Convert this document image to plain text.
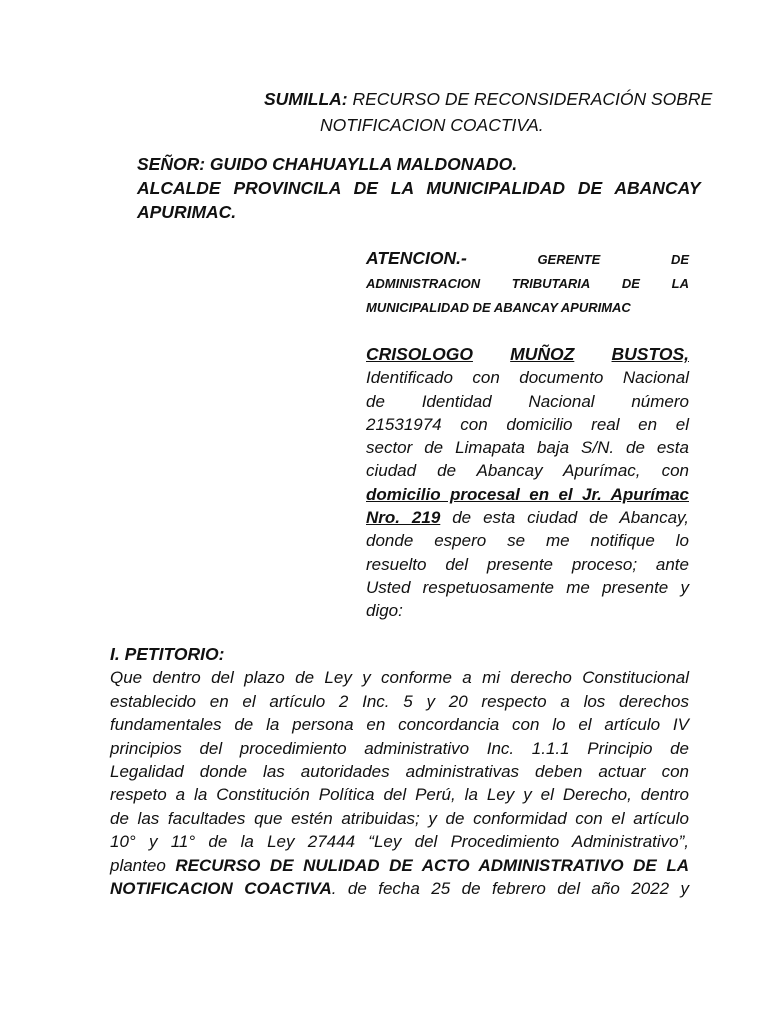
SUMILLA: RECURSO DE RECONSIDERACIÓN SOBRE
NOTIFICACION COACTIVA.
SEÑOR: GUIDO CHAHUAYLLA MALDONADO.
ALCALDE PROVINCILA DE LA MUNICIPALIDAD DE ABANCAY
APURIMAC.
ATENCION.-	GERENTE	DE
ADMINISTRACION TRIBUTARIA DE LA
MUNICIPALIDAD DE ABANCAY APURIMAC
CRISOLOGO MUÑOZ BUSTOS,
Identificado con documento Nacional
de Identidad Nacional número
21531974 con domicilio real en el
sector de Limapata baja S/N. de esta
ciudad de Abancay Apurímac, con
domicilio procesal en el Jr. Apurímac
Nro. 219 de esta ciudad de Abancay,
donde espero se me notifique lo
resuelto del presente proceso; ante
Usted respetuosamente me presente y
digo:
I. PETITORIO:
Que dentro del plazo de Ley y conforme a mi derecho Constitucional
establecido en el artículo 2 Inc. 5 y 20 respecto a los derechos
fundamentales de la persona en concordancia con lo el artículo IV
principios del procedimiento administrativo Inc. 1.1.1 Principio de
Legalidad donde las autoridades administrativas deben actuar con
respeto a la Constitución Política del Perú, la Ley y el Derecho, dentro
de las facultades que estén atribuidas; y de conformidad con el artículo
10° y 11° de la Ley 27444 “Ley del Procedimiento Administrativo”,
planteo RECURSO DE NULIDAD DE ACTO ADMINISTRATIVO DE LA
NOTIFICACION COACTIVA. de fecha 25 de febrero del año 2022 y
